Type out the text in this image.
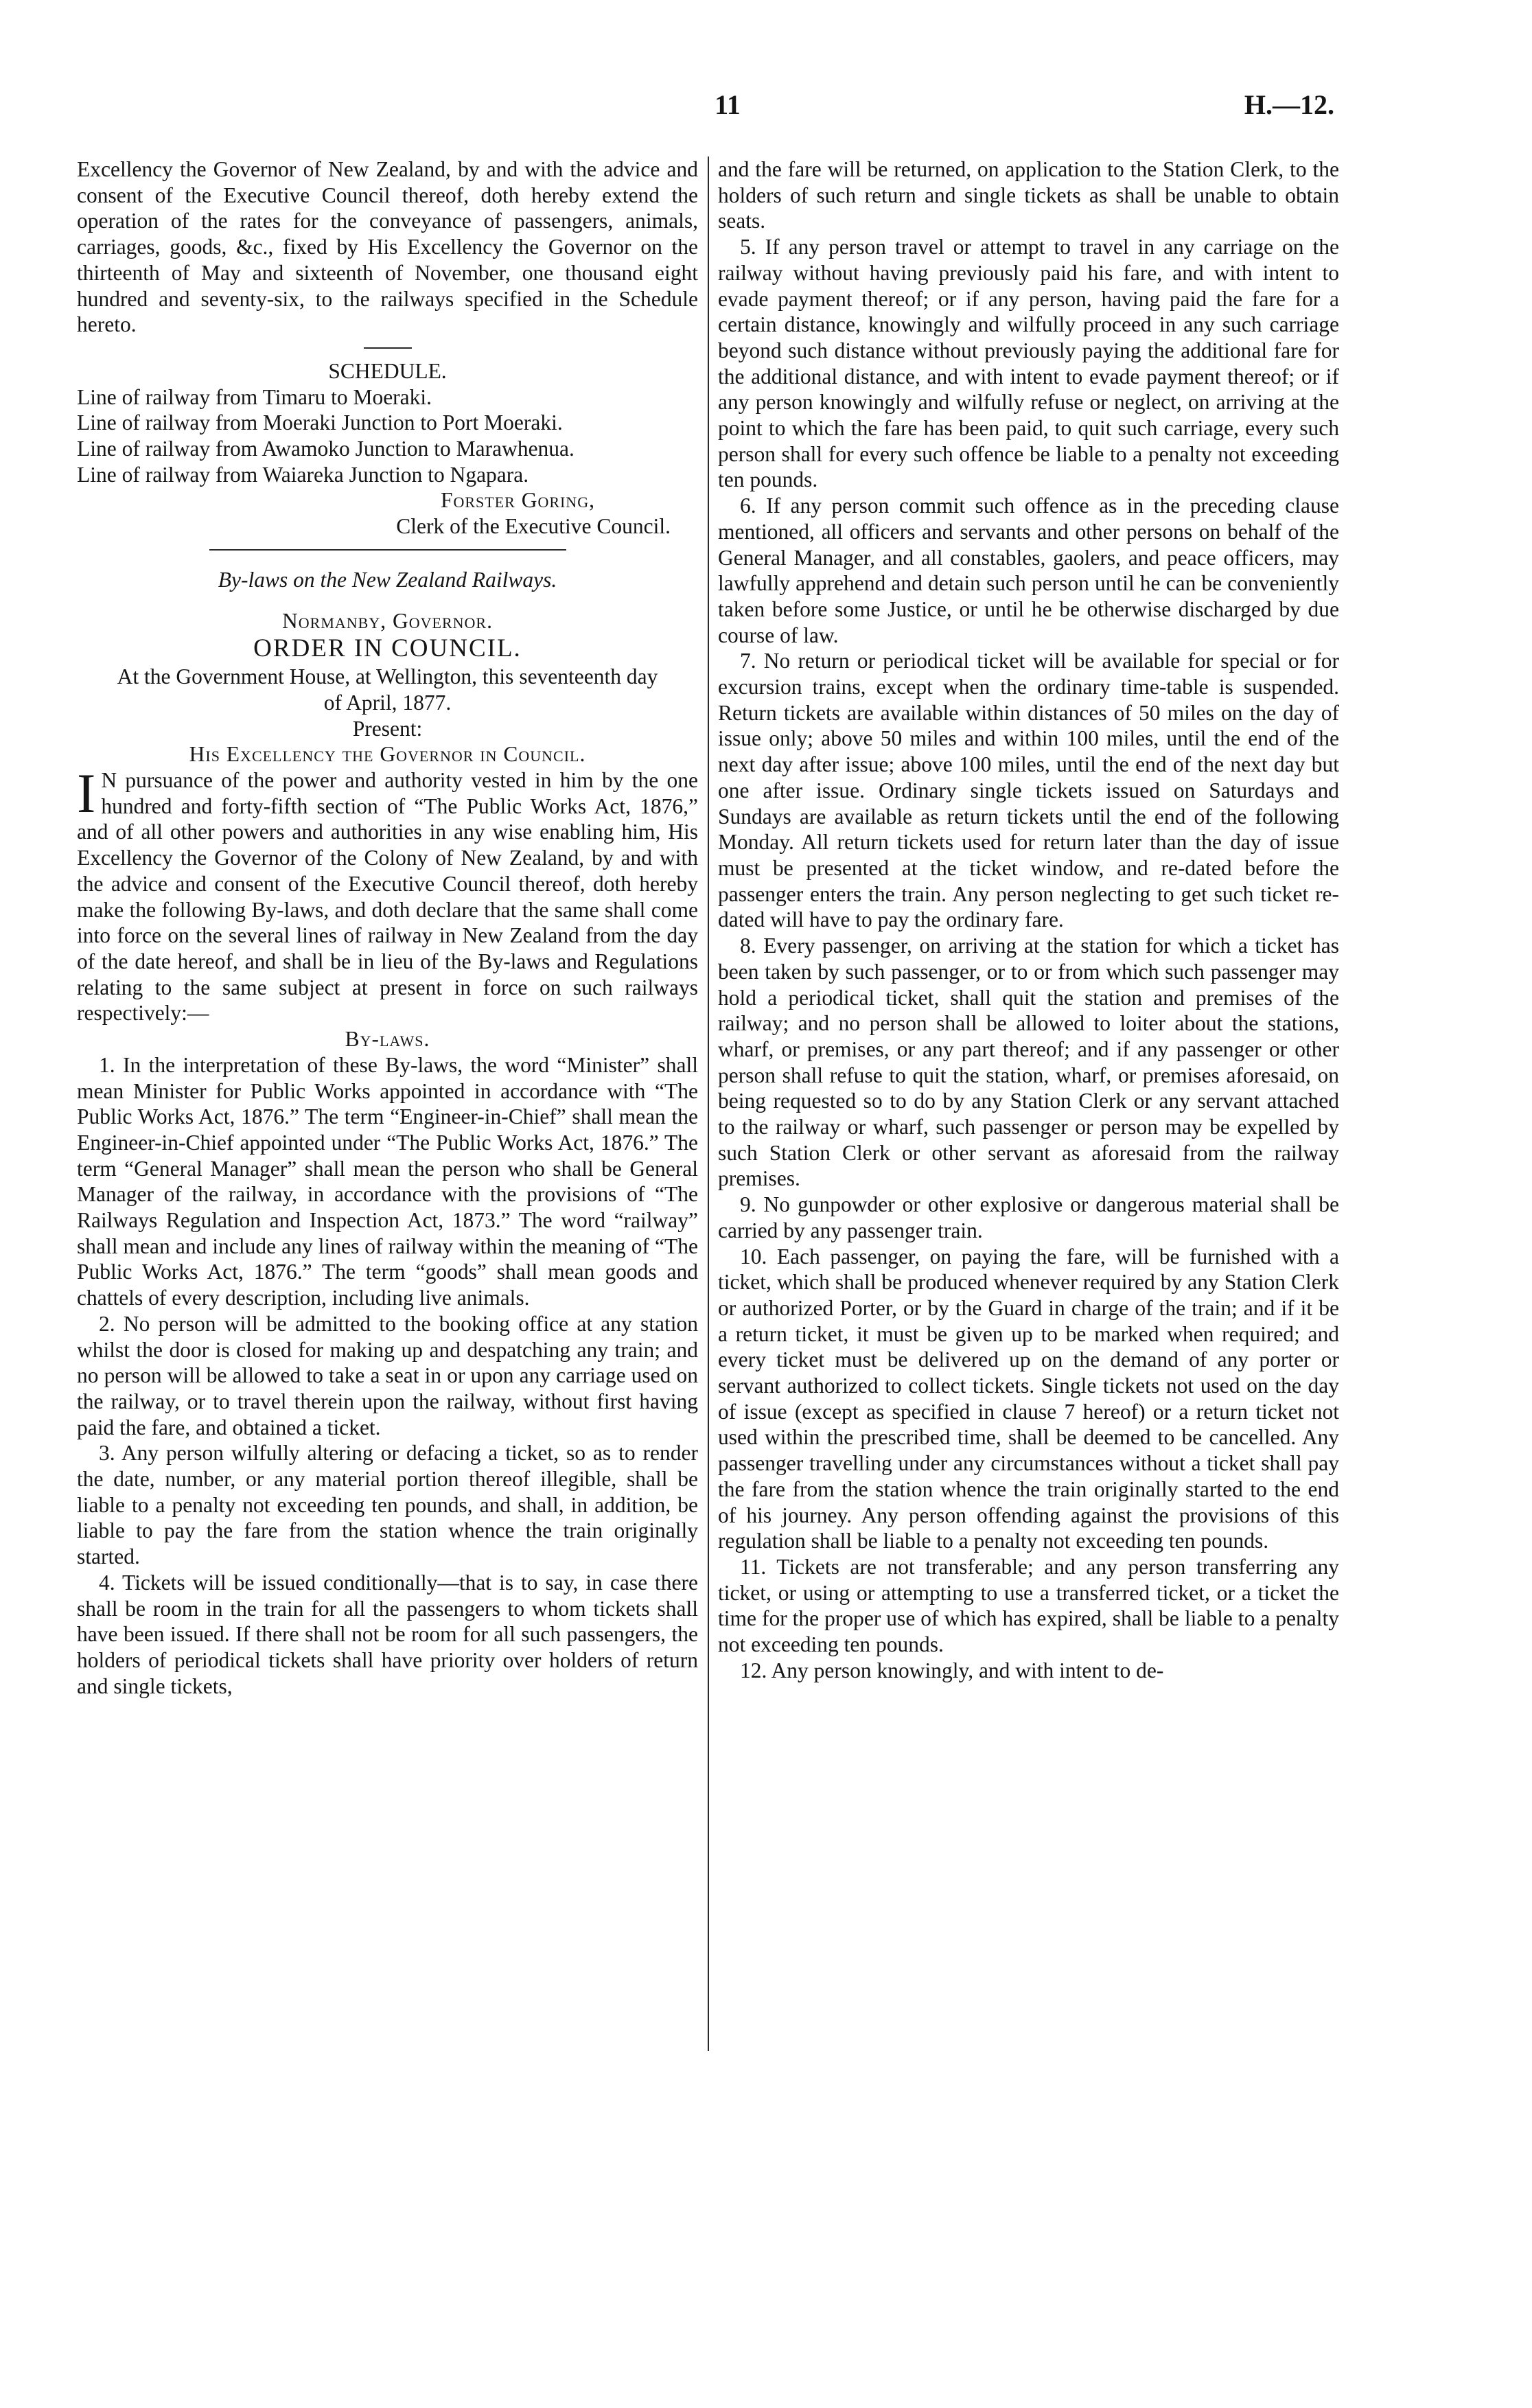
11	H.—12.

Excellency the Governor of New Zealand, by and with the advice and consent of the Executive Council thereof, doth hereby extend the operation of the rates for the conveyance of passengers, animals, carriages, goods, &c., fixed by His Excellency the Governor on the thirteenth of May and sixteenth of November, one thousand eight hundred and seventy-six, to the railways specified in the Schedule hereto.

SCHEDULE.

Line of railway from Timaru to Moeraki.

Line of railway from Moeraki Junction to Port Moeraki.

Line of railway from Awamoko Junction to Marawhenua.

Line of railway from Waiareka Junction to Ngapara.

Forster Goring,

Clerk of the Executive Council.

By-laws on the New Zealand Railways.

Normanby, Governor.

ORDER IN COUNCIL.

At the Government House, at Wellington, this seventeenth day of April, 1877.

Present:

His Excellency the Governor in Council.

IN pursuance of the power and authority vested in him by the one hundred and forty-fifth section of “The Public Works Act, 1876,” and of all other powers and authorities in any wise enabling him, His Excellency the Governor of the Colony of New Zealand, by and with the advice and consent of the Executive Council thereof, doth hereby make the following By-laws, and doth declare that the same shall come into force on the several lines of railway in New Zealand from the day of the date hereof, and shall be in lieu of the By-laws and Regulations relating to the same subject at present in force on such railways respectively:—

By-laws.

1. In the interpretation of these By-laws, the word “Minister” shall mean Minister for Public Works appointed in accordance with “The Public Works Act, 1876.” The term “Engineer-in-Chief” shall mean the Engineer-in-Chief appointed under “The Public Works Act, 1876.” The term “General Manager” shall mean the person who shall be General Manager of the railway, in accordance with the provisions of “The Railways Regulation and Inspection Act, 1873.” The word “railway” shall mean and include any lines of railway within the meaning of “The Public Works Act, 1876.” The term “goods” shall mean goods and chattels of every description, including live animals.

2. No person will be admitted to the booking office at any station whilst the door is closed for making up and despatching any train; and no person will be allowed to take a seat in or upon any carriage used on the railway, or to travel therein upon the railway, without first having paid the fare, and obtained a ticket.

3. Any person wilfully altering or defacing a ticket, so as to render the date, number, or any material portion thereof illegible, shall be liable to a penalty not exceeding ten pounds, and shall, in addition, be liable to pay the fare from the station whence the train originally started.

4. Tickets will be issued conditionally—that is to say, in case there shall be room in the train for all the passengers to whom tickets shall have been issued. If there shall not be room for all such passengers, the holders of periodical tickets shall have priority over holders of return and single tickets,

and the fare will be returned, on application to the Station Clerk, to the holders of such return and single tickets as shall be unable to obtain seats.

5. If any person travel or attempt to travel in any carriage on the railway without having previously paid his fare, and with intent to evade payment thereof; or if any person, having paid the fare for a certain distance, knowingly and wilfully proceed in any such carriage beyond such distance without previously paying the additional fare for the additional distance, and with intent to evade payment thereof; or if any person knowingly and wilfully refuse or neglect, on arriving at the point to which the fare has been paid, to quit such carriage, every such person shall for every such offence be liable to a penalty not exceeding ten pounds.

6. If any person commit such offence as in the preceding clause mentioned, all officers and servants and other persons on behalf of the General Manager, and all constables, gaolers, and peace officers, may lawfully apprehend and detain such person until he can be conveniently taken before some Justice, or until he be otherwise discharged by due course of law.

7. No return or periodical ticket will be available for special or for excursion trains, except when the ordinary time-table is suspended. Return tickets are available within distances of 50 miles on the day of issue only; above 50 miles and within 100 miles, until the end of the next day after issue; above 100 miles, until the end of the next day but one after issue. Ordinary single tickets issued on Saturdays and Sundays are available as return tickets until the end of the following Monday. All return tickets used for return later than the day of issue must be presented at the ticket window, and re-dated before the passenger enters the train. Any person neglecting to get such ticket re-dated will have to pay the ordinary fare.

8. Every passenger, on arriving at the station for which a ticket has been taken by such passenger, or to or from which such passenger may hold a periodical ticket, shall quit the station and premises of the railway; and no person shall be allowed to loiter about the stations, wharf, or premises, or any part thereof; and if any passenger or other person shall refuse to quit the station, wharf, or premises aforesaid, on being requested so to do by any Station Clerk or any servant attached to the railway or wharf, such passenger or person may be expelled by such Station Clerk or other servant as aforesaid from the railway premises.

9. No gunpowder or other explosive or dangerous material shall be carried by any passenger train.

10. Each passenger, on paying the fare, will be furnished with a ticket, which shall be produced whenever required by any Station Clerk or authorized Porter, or by the Guard in charge of the train; and if it be a return ticket, it must be given up to be marked when required; and every ticket must be delivered up on the demand of any porter or servant authorized to collect tickets. Single tickets not used on the day of issue (except as specified in clause 7 hereof) or a return ticket not used within the prescribed time, shall be deemed to be cancelled. Any passenger travelling under any circumstances without a ticket shall pay the fare from the station whence the train originally started to the end of his journey. Any person offending against the provisions of this regulation shall be liable to a penalty not exceeding ten pounds.

11. Tickets are not transferable; and any person transferring any ticket, or using or attempting to use a transferred ticket, or a ticket the time for the proper use of which has expired, shall be liable to a penalty not exceeding ten pounds.

12. Any person knowingly, and with intent to de-
